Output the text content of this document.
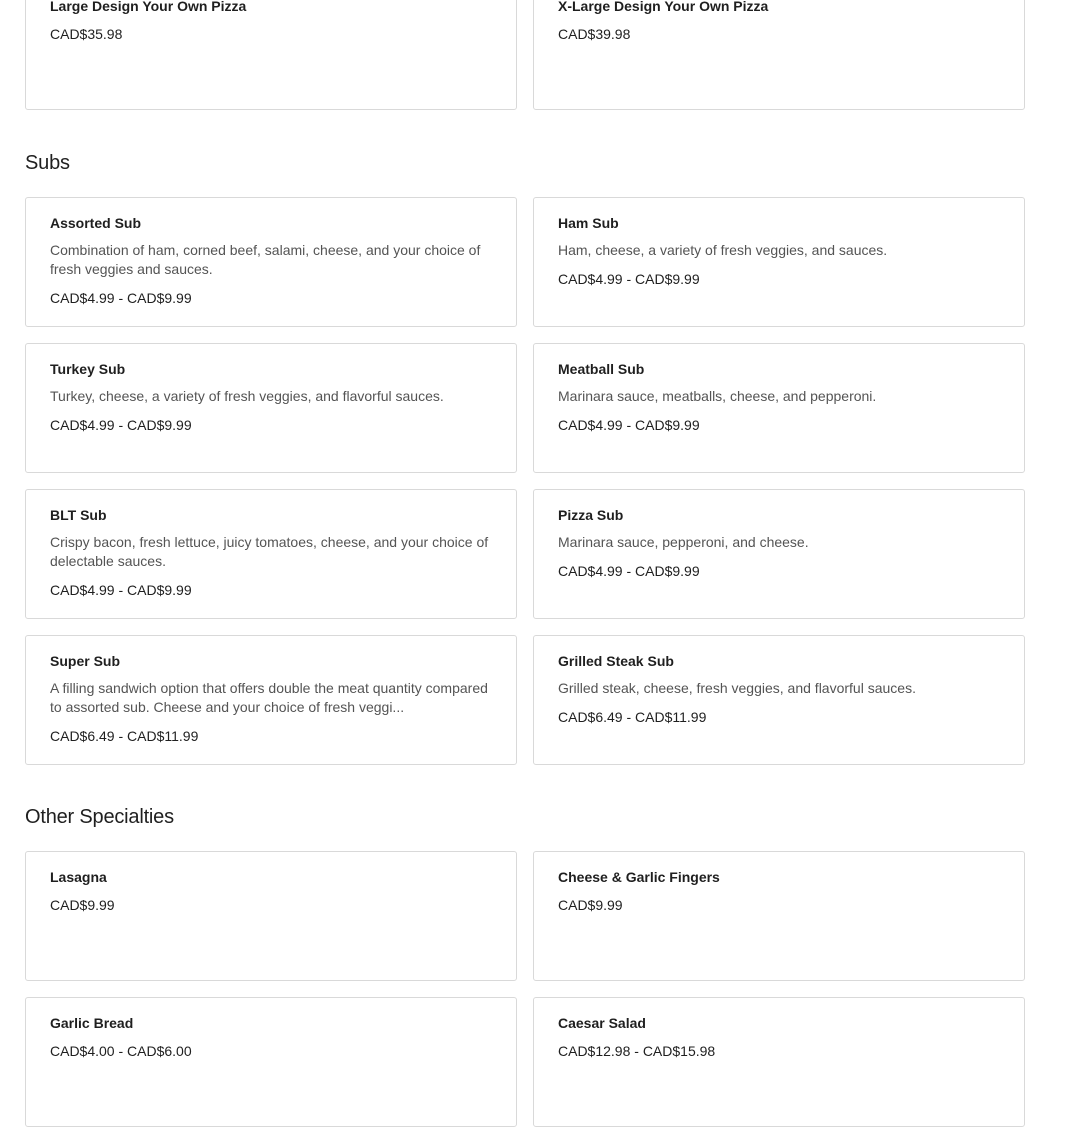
Large Design Your Own Pizza
CAD$35.98
X-Large Design Your Own Pizza
CAD$39.98
Subs
Assorted Sub
Combination of ham, corned beef, salami, cheese, and your choice of fresh veggies and sauces.
CAD$4.99 - CAD$9.99
Ham Sub
Ham, cheese, a variety of fresh veggies, and sauces.
CAD$4.99 - CAD$9.99
Turkey Sub
Turkey, cheese, a variety of fresh veggies, and flavorful sauces.
CAD$4.99 - CAD$9.99
Meatball Sub
Marinara sauce, meatballs, cheese, and pepperoni.
CAD$4.99 - CAD$9.99
BLT Sub
Crispy bacon, fresh lettuce, juicy tomatoes, cheese, and your choice of delectable sauces.
CAD$4.99 - CAD$9.99
Pizza Sub
Marinara sauce, pepperoni, and cheese.
CAD$4.99 - CAD$9.99
Super Sub
A filling sandwich option that offers double the meat quantity compared to assorted sub. Cheese and your choice of fresh veggi...
CAD$6.49 - CAD$11.99
Grilled Steak Sub
Grilled steak, cheese, fresh veggies, and flavorful sauces.
CAD$6.49 - CAD$11.99
Other Specialties
Lasagna
CAD$9.99
Cheese & Garlic Fingers
CAD$9.99
Garlic Bread
CAD$4.00 - CAD$6.00
Caesar Salad
CAD$12.98 - CAD$15.98
